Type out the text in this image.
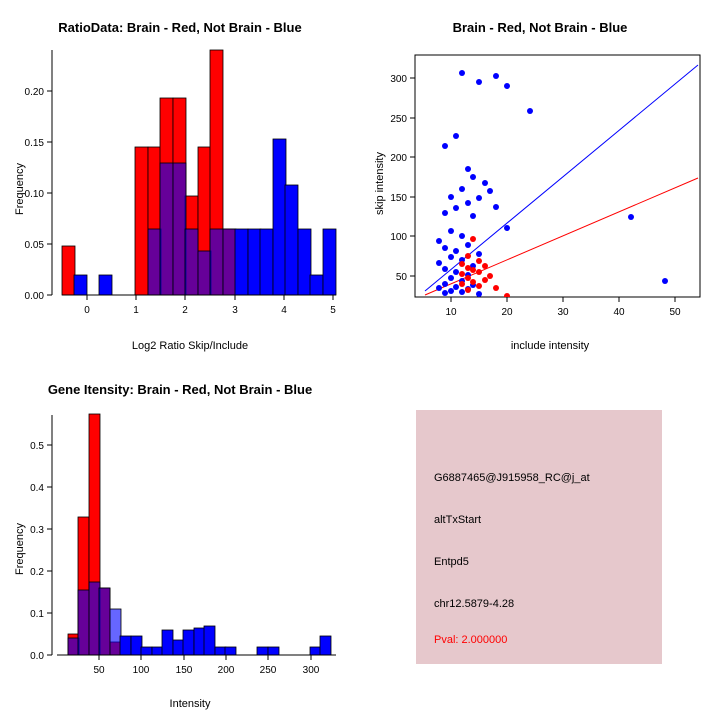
RatioData: Brain - Red, Not Brain - Blue
Frequency
Log2 Ratio Skip/Include
0.00
0.05
0.10
0.15
0.20
0	1	2	3	4	5
Brain - Red, Not Brain - Blue
skip intensity
include intensity
50
100
150
200
250
300
10	20	30	40	50
Gene Itensity: Brain - Red, Not Brain - Blue
Frequency
Intensity
0.0
0.1
0.2
0.3
0.4
0.5
50	100	150	200	250	300
G6887465@J915958_RC@j_at
altTxStart
Entpd5
chr12.5879-4.28
Pval: 2.000000
